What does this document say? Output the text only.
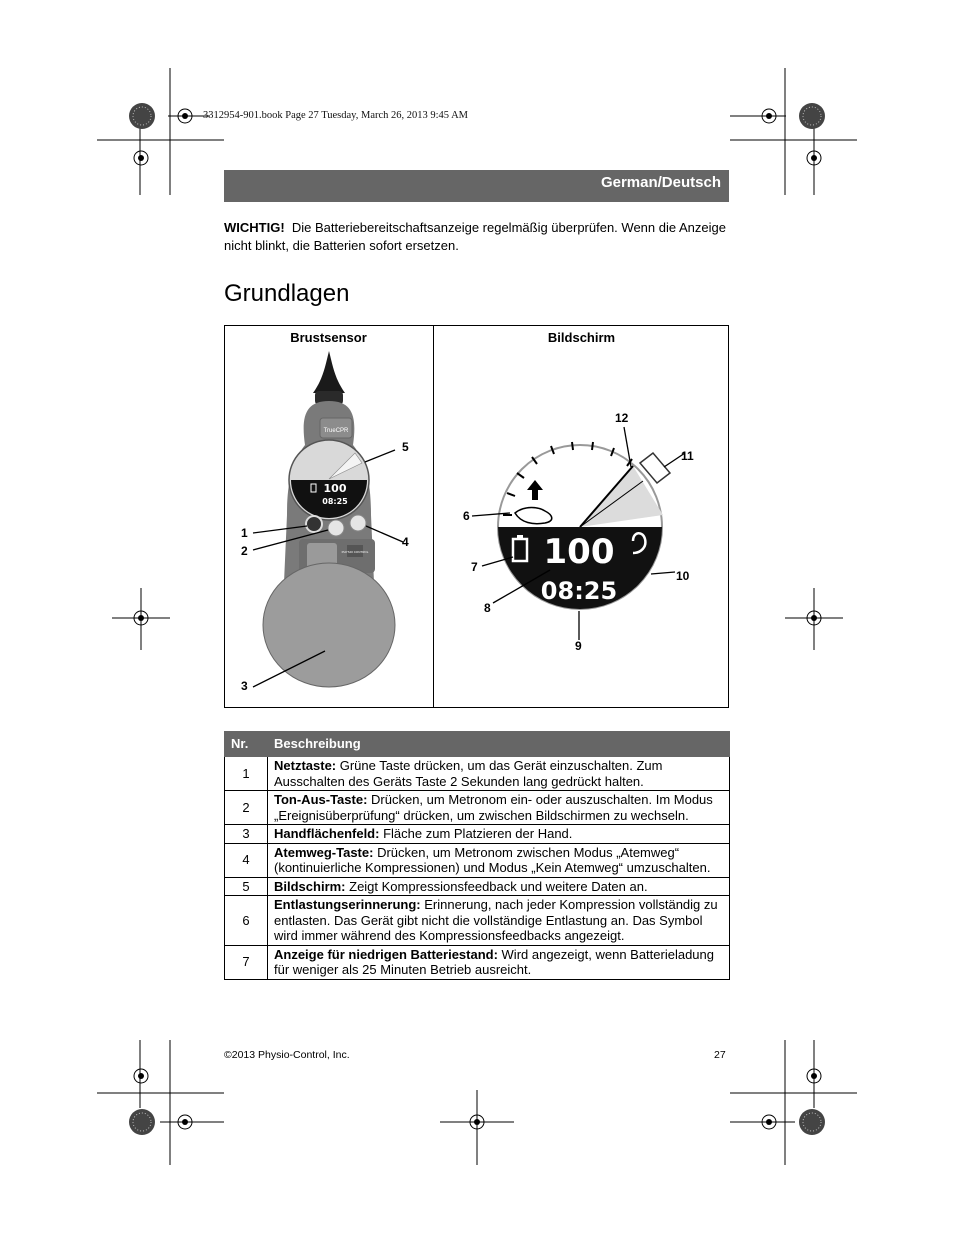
3312954-901.book Page 27 Tuesday, March 26, 2013 9:45 AM
German/Deutsch
WICHTIG! Die Batteriebereitschaftsanzeige regelmäßig überprüfen. Wenn die Anzeige nicht blinkt, die Batterien sofort ersetzen.
Grundlagen
Brustsensor	Bildschirm
TrueCPR
100
08:25
PHYSIO CONTROL
1
2
3
4
5
100
08:25
6
7
8
9
10
11
12
Nr.	Beschreibung
1	Netztaste: Grüne Taste drücken, um das Gerät einzuschalten. Zum Ausschalten des Geräts Taste 2 Sekunden lang gedrückt halten.
2	Ton-Aus-Taste: Drücken, um Metronom ein- oder auszuschalten. Im Modus „Ereignisüberprüfung“ drücken, um zwischen Bildschirmen zu wechseln.
3	Handflächenfeld: Fläche zum Platzieren der Hand.
4	Atemweg-Taste: Drücken, um Metronom zwischen Modus „Atemweg“ (kontinuierliche Kompressionen) und Modus „Kein Atemweg“ umzuschalten.
5	Bildschirm: Zeigt Kompressionsfeedback und weitere Daten an.
6	Entlastungserinnerung: Erinnerung, nach jeder Kompression vollständig zu entlasten. Das Gerät gibt nicht die vollständige Entlastung an. Das Symbol wird immer während des Kompressionsfeedbacks angezeigt.
7	Anzeige für niedrigen Batteriestand: Wird angezeigt, wenn Batterieladung für weniger als 25 Minuten Betrieb ausreicht.
©2013 Physio-Control, Inc.	27
